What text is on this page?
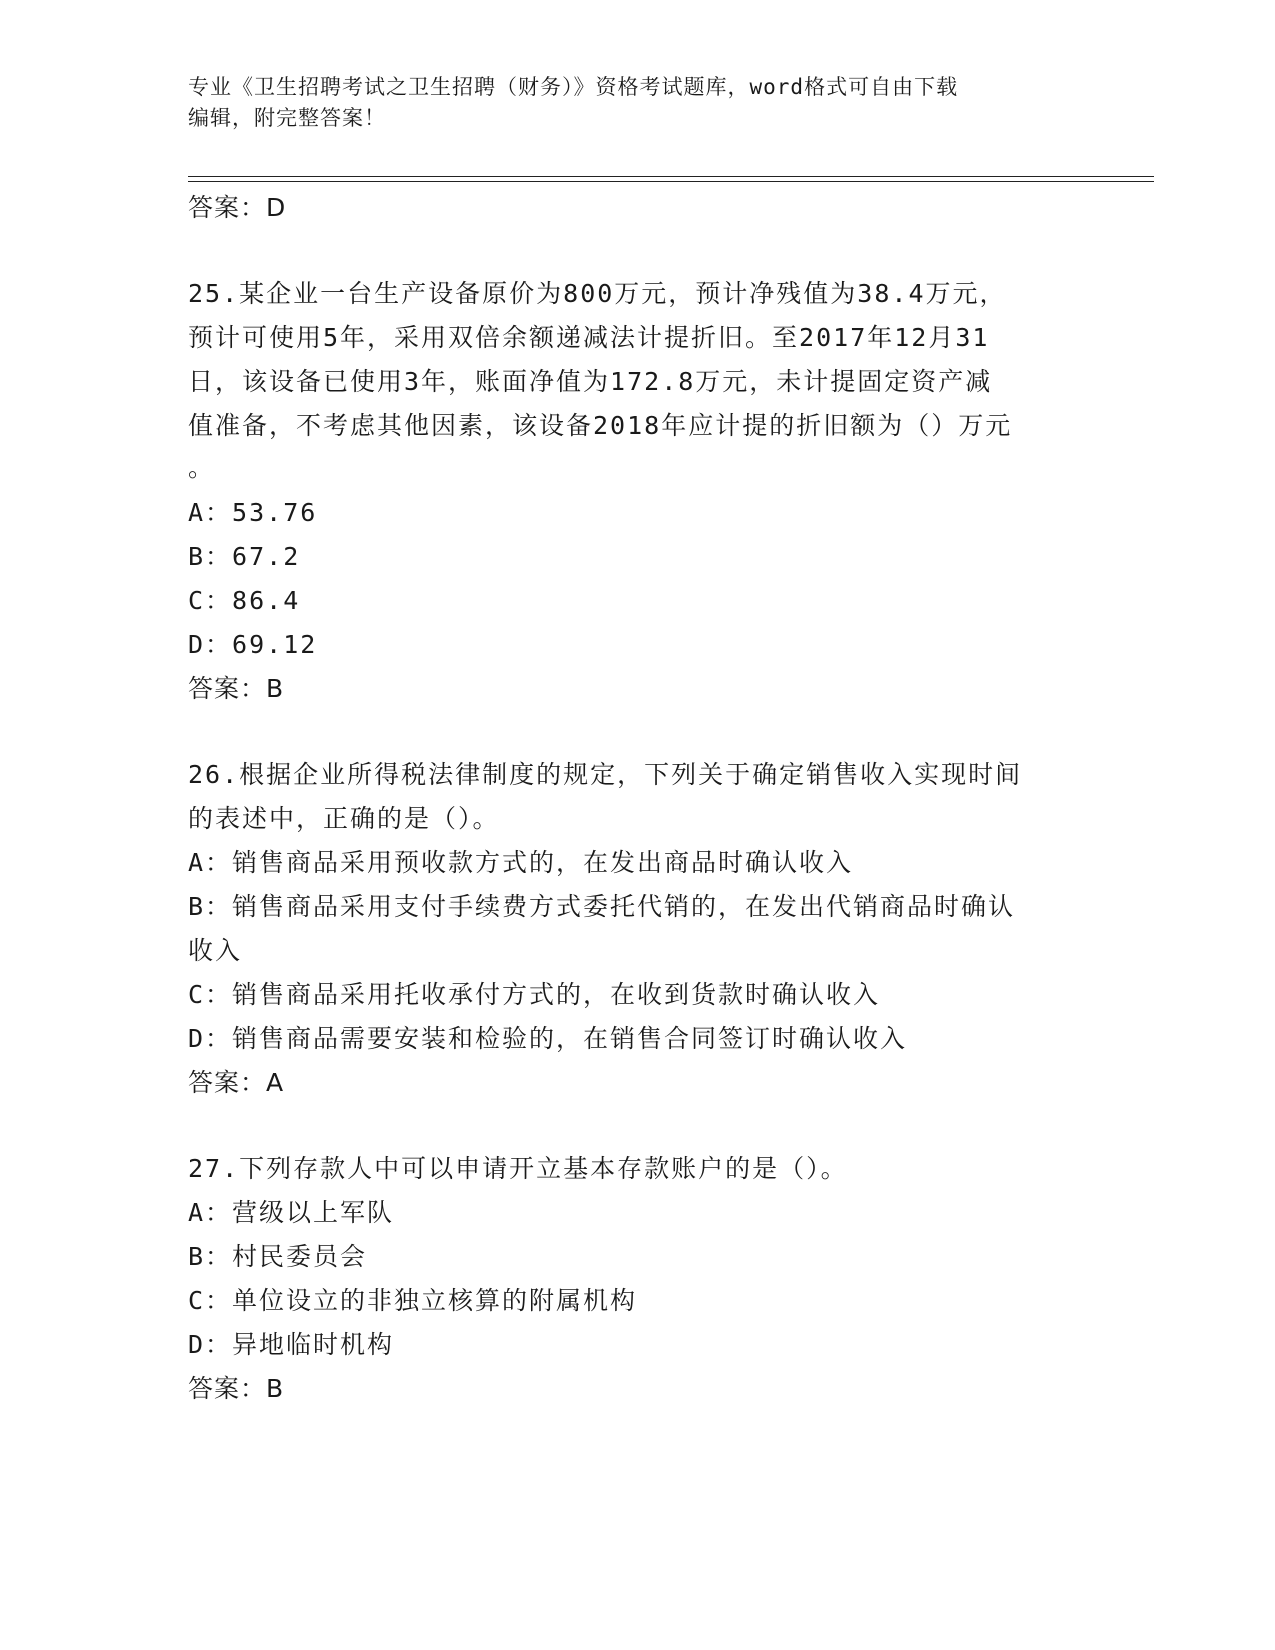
专业《卫生招聘考试之卫生招聘（财务）》资格考试题库，word格式可自由下载
编辑，附完整答案！
答案：D
25.某企业一台生产设备原价为800万元，预计净残值为38.4万元，
预计可使用5年，采用双倍余额递减法计提折旧。至2017年12月31
日，该设备已使用3年，账面净值为172.8万元，未计提固定资产减
值准备，不考虑其他因素，该设备2018年应计提的折旧额为（）万元
。
A：53.76
B：67.2
C：86.4
D：69.12
答案：B
26.根据企业所得税法律制度的规定，下列关于确定销售收入实现时间
的表述中，正确的是（）。
A：销售商品采用预收款方式的，在发出商品时确认收入
B：销售商品采用支付手续费方式委托代销的，在发出代销商品时确认
收入
C：销售商品采用托收承付方式的，在收到货款时确认收入
D：销售商品需要安装和检验的，在销售合同签订时确认收入
答案：A
27.下列存款人中可以申请开立基本存款账户的是（）。
A：营级以上军队
B：村民委员会
C：单位设立的非独立核算的附属机构
D：异地临时机构
答案：B
